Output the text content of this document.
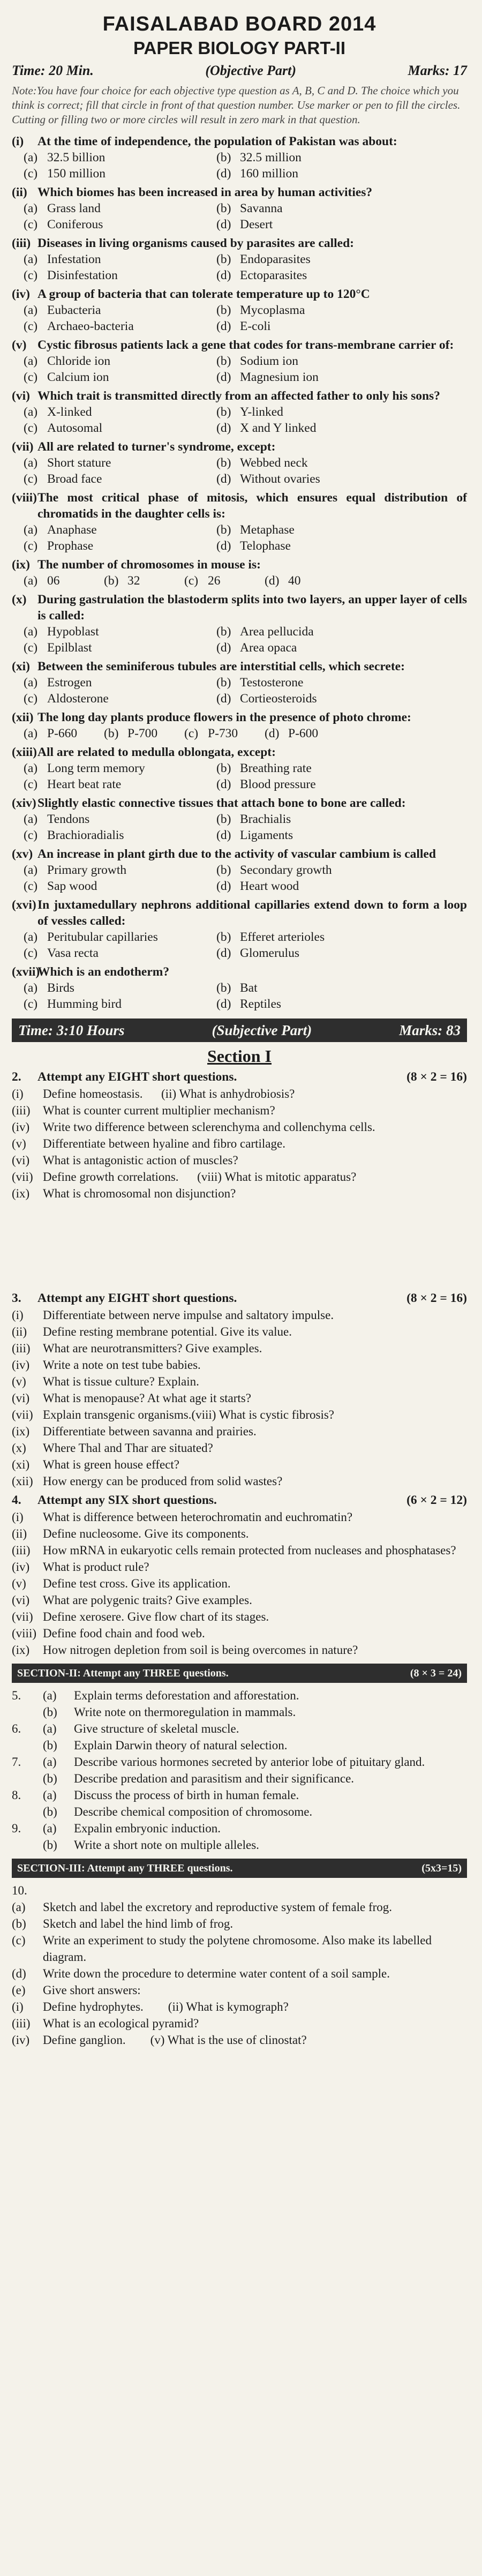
FAISALABAD BOARD 2014
PAPER BIOLOGY PART-II
Time: 20 Min.	(Objective Part)	Marks: 17
Note:You have four choice for each objective type question as A, B, C and D. The choice which you think is correct; fill that circle in front of that question number. Use marker or pen to fill the circles. Cutting or filling two or more circles will result in zero mark in that question.
(i)	At the time of independence, the population of Pakistan was about:
(a) 32.5 billion	(b) 32.5 million
(c) 150 million	(d) 160 million
(ii) Which biomes has been increased in area by human activities?
(a) Grass land	(b) Savanna
(c) Coniferous	(d) Desert
(iii) Diseases in living organisms caused by parasites are called:
(a) Infestation	(b) Endoparasites
(c) Disinfestation	(d) Ectoparasites
(iv) A group of bacteria that can tolerate temperature up to 120°C
(a) Eubacteria	(b) Mycoplasma
(c) Archaeo-bacteria	(d) E-coli
(v) Cystic fibrosus patients lack a gene that codes for trans-membrane carrier of:
(a) Chloride ion	(b) Sodium ion
(c) Calcium ion	(d) Magnesium ion
(vi) Which trait is transmitted directly from an affected father to only his sons?
(a) X-linked	(b) Y-linked
(c) Autosomal	(d) X and Y linked
(vii) All are related to turner's syndrome, except:
(a) Short stature	(b) Webbed neck
(c) Broad face	(d) Without ovaries
(viii) The most critical phase of mitosis, which ensures equal distribution of chromatids in the daughter cells is:
(a) Anaphase	(b) Metaphase
(c) Prophase	(d) Telophase
(ix) The number of chromosomes in mouse is:
(a) 06	(b) 32	(c) 26	(d) 40
(x) During gastrulation the blastoderm splits into two layers, an upper layer of cells is called:
(a) Hypoblast	(b) Area pellucida
(c) Epilblast	(d) Area opaca
(xi) Between the seminiferous tubules are interstitial cells, which secrete:
(a) Estrogen	(b) Testosterone
(c) Aldosterone	(d) Cortieosteroids
(xii) The long day plants produce flowers in the presence of photo chrome:
(a) P-660 (b) P-700 (c) P-730 (d) P-600
(xiii) All are related to medulla oblongata, except:
(a) Long term memory	(b) Breathing rate
(c) Heart beat rate	(d) Blood pressure
(xiv) Slightly elastic connective tissues that attach bone to bone are called:
(a) Tendons	(b) Brachialis
(c) Brachioradialis	(d) Ligaments
(xv) An increase in plant girth due to the activity of vascular cambium is called
(a) Primary growth	(b) Secondary growth
(c) Sap wood	(d) Heart wood
(xvi) In juxtamedullary nephrons additional capillaries extend down to form a loop of vessles called:
(a) Peritubular capillaries	(b) Efferet arterioles
(c) Vasa recta	(d) Glomerulus
(xvii)
Which is an endotherm?
(a) Birds	(b) Bat
(c) Humming bird	(d) Reptiles
Time: 3:10 Hours	(Subjective Part)	Marks: 83
Section I
2.	Attempt any EIGHT short questions.	(8 × 2 = 16)
(i)	Define homeostasis. (ii) What is anhydrobiosis?
(iii)	What is counter current multiplier mechanism?
(iv)	Write two difference between sclerenchyma and collenchyma cells.
(v)	Differentiate between hyaline and fibro cartilage.
(vi)	What is antagonistic action of muscles?
(vii) Define growth correlations. (viii) What is mitotic apparatus?
(ix)	What is chromosomal non disjunction?
3.	Attempt any EIGHT short questions.	(8 × 2 = 16)
(i)	Differentiate between nerve impulse and saltatory impulse.
(ii)	Define resting membrane potential. Give its value.
(iii)	What are neurotransmitters? Give examples.
(iv)	Write a note on test tube babies.
(v)	What is tissue culture? Explain.
(vi)	What is menopause? At what age it starts?
(vii) Explain transgenic organisms.(viii) What is cystic fibrosis?
(ix)	Differentiate between savanna and prairies.
(x)	Where Thal and Thar are situated?
(xi)	What is green house effect?
(xii) How energy can be produced from solid wastes?
4.	Attempt any SIX short questions.	(6 × 2 = 12)
(i)	What is difference between heterochromatin and euchromatin?
(ii)	Define nucleosome. Give its components.
(iii)	How mRNA in eukaryotic cells remain protected from nucleases and phosphatases?
(iv)	What is product rule?
(v)	Define test cross. Give its application.
(vi)	What are polygenic traits? Give examples.
(vii) Define xerosere. Give flow chart of its stages.
(viii) Define food chain and food web.
(ix)	How nitrogen depletion from soil is being overcomes in nature?
SECTION-II: Attempt any THREE questions.	(8 × 3 = 24)
5.	(a)	Explain terms deforestation and afforestation.
(b)	Write note on thermoregulation in mammals.
6.	(a)	Give structure of skeletal muscle.
(b)	Explain Darwin theory of natural selection.
7.	(a)	Describe various hormones secreted by anterior lobe of pituitary gland.
(b)	Describe predation and parasitism and their significance.
8.	(a)	Discuss the process of birth in human female.
(b)	Describe chemical composition of chromosome.
9.	(a)	Expalin embryonic induction.
(b)	Write a short note on multiple alleles.
SECTION-III: Attempt any THREE questions.	(5x3=15)
10.
(a)	Sketch and label the excretory and reproductive system of female frog.
(b)	Sketch and label the hind limb of frog.
(c)	Write an experiment to study the polytene chromosome. Also make its labelled diagram.
(d)	Write down the procedure to determine water content of a soil sample.
(e)	Give short answers:
(i)	Define hydrophytes. (ii) What is kymograph?
(iii)	What is an ecological pyramid?
(iv)	Define ganglion. (v) What is the use of clinostat?
